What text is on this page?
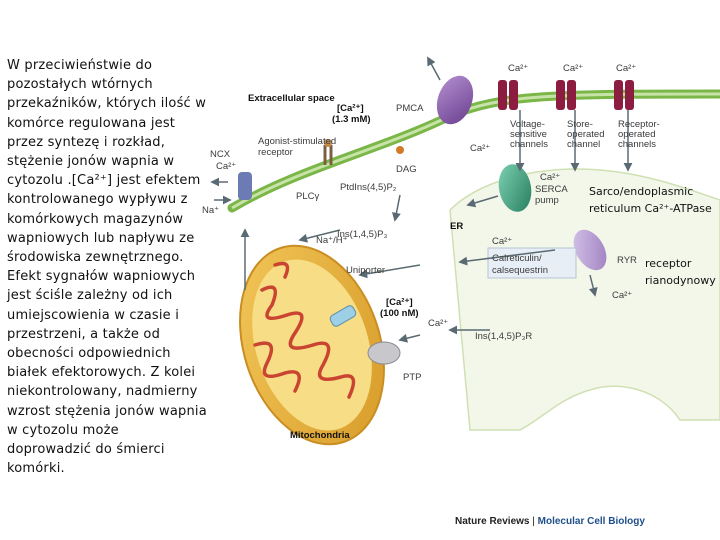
W przeciwieństwie do pozostałych wtórnych przekaźników, których ilość w komórce regulowana jest przez syntezę i rozkład, stężenie jonów wapnia w cytozolu .[Ca²⁺] jest efektem kontrolowanego wypływu z komórkowych magazynów wapniowych lub napływu ze środowiska zewnętrznego. Efekt sygnałów wapniowych jest ściśle zależny od ich umiejscowienia w czasie i przestrzeni, a także od obecności odpowiednich białek efektorowych. Z kolei niekontrolowany, nadmierny wzrost stężenia jonów wapnia w cytozolu może doprowadzić do śmierci komórki.
Extracellular space
[Ca²⁺]
(1.3 mM)
PMCA
Agonist-stimulated
receptor
NCX
Ca²⁺
Na⁺
PLCγ
DAG
PtdIns(4,5)P₂
Ins(1,4,5)P₃
Ca²⁺	Ca²⁺	Ca²⁺
Ca²⁺
Voltage-
sensitive
channels
Store-
operated
channel
Receptor-
operated
channels
Ca²⁺
SERCA
pump
ER
Ca²⁺
Calreticulin/
calsequestrin
RYR
Ca²⁺
Na⁺/H⁺
Uniporter
[Ca²⁺]
(100 nM)
Ca²⁺
Ins(1,4,5)P₃R
PTP
Mitochondria
Sarco/endoplasmic
reticulum Ca²⁺-ATPase
receptor
rianodynowy
Nature Reviews | Molecular Cell Biology
